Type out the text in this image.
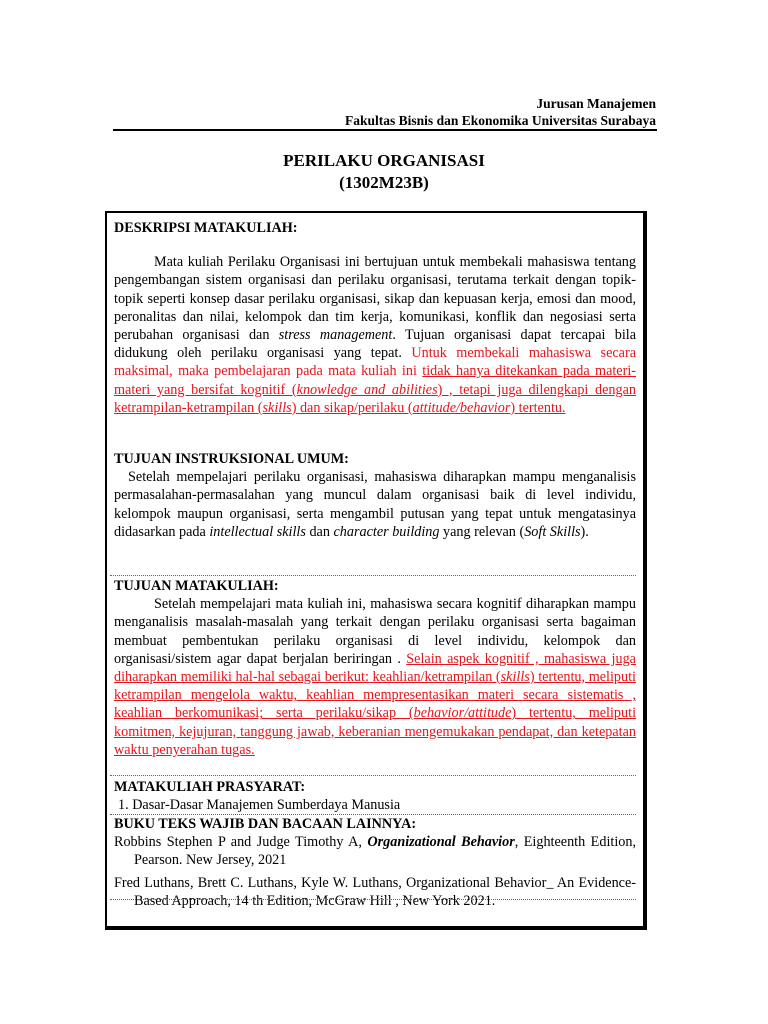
Jurusan Manajemen
Fakultas Bisnis dan Ekonomika Universitas Surabaya
PERILAKU ORGANISASI
(1302M23B)
DESKRIPSI MATAKULIAH:

Mata kuliah Perilaku Organisasi ini bertujuan untuk membekali mahasiswa tentang pengembangan sistem organisasi dan perilaku organisasi, terutama terkait dengan topik-topik seperti konsep dasar perilaku organisasi, sikap dan kepuasan kerja, emosi dan mood, peronalitas dan nilai, kelompok dan tim kerja, komunikasi, konflik dan negosiasi serta perubahan organisasi dan stress management. Tujuan organisasi dapat tercapai bila didukung oleh perilaku organisasi yang tepat. Untuk membekali mahasiswa secara maksimal, maka pembelajaran pada mata kuliah ini tidak hanya ditekankan pada materi-materi yang bersifat kognitif (knowledge and abilities) , tetapi juga dilengkapi dengan ketrampilan-ketrampilan (skills) dan sikap/perilaku (attitude/behavior) tertentu.

TUJUAN INSTRUKSIONAL UMUM:

Setelah mempelajari perilaku organisasi, mahasiswa diharapkan mampu menganalisis permasalahan-permasalahan yang muncul dalam organisasi baik di level individu, kelompok maupun organisasi, serta mengambil putusan yang tepat untuk mengatasinya didasarkan pada intellectual skills dan character building yang relevan (Soft Skills).

TUJUAN MATAKULIAH:

Setelah mempelajari mata kuliah ini, mahasiswa secara kognitif diharapkan mampu menganalisis masalah-masalah yang terkait dengan perilaku organisasi serta bagaiman membuat pembentukan perilaku organisasi di level individu, kelompok dan organisasi/sistem agar dapat berjalan beriringan . Selain aspek kognitif , mahasiswa juga diharapkan memiliki hal-hal sebagai berikut: keahlian/ketrampilan (skills) tertentu, meliputi ketrampilan mengelola waktu, keahlian mempresentasikan materi secara sistematis , keahlian berkomunikasi; serta perilaku/sikap (behavior/attitude) tertentu, meliputi komitmen, kejujuran, tanggung jawab, keberanian mengemukakan pendapat, dan ketepatan waktu penyerahan tugas.

MATAKULIAH PRASYARAT:
1. Dasar-Dasar Manajemen Sumberdaya Manusia
BUKU TEKS WAJIB DAN BACAAN LAINNYA:

Robbins Stephen P and Judge Timothy A, Organizational Behavior, Eighteenth Edition, Pearson. New Jersey, 2021

Fred Luthans, Brett C. Luthans, Kyle W. Luthans, Organizational Behavior_ An Evidence-Based Approach, 14 th Edition, McGraw Hill , New York 2021.
